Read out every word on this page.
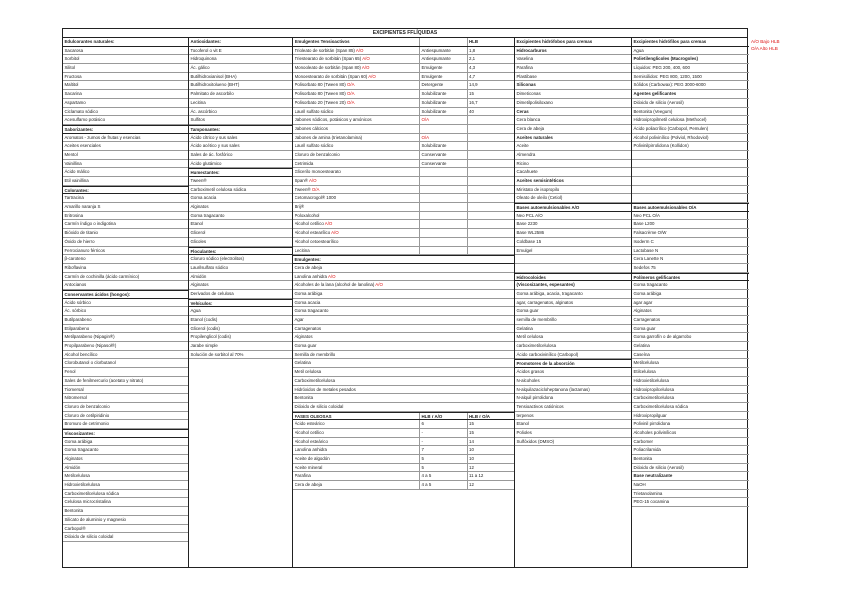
EXCIPIENTES FFLÍQUIDAS
Edulcorantes naturales:
Sacarosa
Sorbitol
Xilitol
Fructosa
Maltitol
Sacarina
Aspartamo
Ciclamato sódico
Acesulfamo potásico
Saborizantes:
Aromatos - zumos de frutas y esencias
Aceites esenciales
Mentol
Vainillina
Ácido málico
Etil vainillina
Colorantes:
Tartracina
Amarillo naranja S
Eritrosina
Carmín índigo o indigotina
Bióxido de titanio
Óxido de hierro
Ferrocianuro férricos
β-caroteno
Riboflavina
Carmín de cochinilla (ácido carmínico)
Antocianos
Conservantes ácidos (hongos):
Ácido sórbico
Ác. sórbico
Butilparabeno
Etilparabeno
Metilparabeno (Nipagin®)
Propilparabeno (Nipasol®)
Alcohol bencílico
Clorobutanol o clorbutanol
Fenol
Sales de fenilmercurio (acetato y nitrato)
Tiomersal
Nitromersol
Cloruro de benzalconio
Cloruro de cetilpiridinio
Bromuro de cetrimonio
Viscosizantes:
Goma arábiga
Goma tragacanto
Alginatos
Almidón
Metilcelulosa
Hidroxietilcelulosa
Carboximetilcelulosa sódica
Celulosa microcristalina
Bentonita
Silicato de aluminio y magnesio
Carbopol®
Dióxido de silicio coloidal
Antioxidantes:
Tocoferol o vit E
Hidroquinona
Ác. gálico
Butilhidroxianisol (BHA)
Butilhidroxitolueno (BHT)
Palmitato de ascorbilo
Lecitina
Ác. ascórbico
Sulfitos
Tamponantes:
Ácido cítrico y sus sales
Ácido acético y sus sales
Sales de ác. fosfórico
Ácido glutámico
Humectantes:
Tween®
Carboximetil celulosa sódica
Goma acacia
Alginatos
Goma tragacanto
Etanol
Glicerol
Glicoles
Floculantes:
Cloruro sódico (electrolitos)
Laurilsulfato sódico
Almidón
Alginatos
Derivados de celulosa
Vehículos:
Agua
Etanol (codis)
Glicerol (codis)
Propilenglicol (codis)
Jarabe simple
Solución de sorbitol al 70%
Emulgentes Tensioactivos	HLB
Trioleato de sorbitán (Span 85) A/O	Antiespumante	1,8
Triestearato de sorbitán (Span 65) A/O	Antiespumante	2,1
Monooleato de sorbitán (Span 80) A/O	Emulgente	4,3
Monoestearato de sorbitán (Span 60) A/O	Emulgente	4,7
Polisorbato 80 (Tween 80) O/A	Detergente	14,9
Polisorbato 80 (Tween 80) O/A	Solubilizante	15
Polisorbato 20 (Tween 20) O/A	Solubilizante	16,7
Lauril sulfato sódico	Solubilizante	40
Jabones sódicos, potásicos y amónicos	O/A
Jabones cálcicos
Jabones de amina (trietanolamina)	O/A
Lauril sulfato sódico	Solubilizante
Cloruro de benzalconio	Conservante
Cetrimida	Conservante
Glicerilo monoestearato
Span® A/O
Tween® O/A
Cetomacrogol® 1000
Brij®
Poloxalcohol
Alcohol cetílico A/O
Alcohol estearílico A/O
Alcohol cetoestearílico
Lecitina
Emulgentes:
Cera de abeja
Lanolina anhidra A/O
Alcoholes de la lana (alcohol de lanolina) A/O
Goma arábiga
Goma acacia
Goma tragacanto
Agar
Carragenatos
Alginatos
Goma guar
Semilla de membrillo
Gelatina
Metil celulosa
Carboximetilcelulosa
Hidróxidos de metales pesados
Bentonita
Dióxido de silicio coloidal
FASES OLEOSAS	HLB r A/O	HLB r O/A
Ácido esteárico	6	15
Alcohol cetílico	-	15
Alcohol esteárico	-	14
Lanolina anhidra	7	10
Aceite de algodón	5	10
Aceite mineral	5	12
Parafina	4 a 5	11 a 12
Cera de abeja	4 a 5	12
Excipientes hidrófobos para cremas
Hidrocarburos
Vaselina
Parafina
Plastibase
Siliconas
Dimeticonas
Dimetilpolisiloxano
Ceras
Cera blanca
Cera de abeja
Aceites naturales
Aceite
Almendra
Ricino
Cacahuete
Aceites semisintéticos
Miristato de isopropilo
Oleato de oleilo (Cetiol)
Bases autoemulsionables A/O
Neo PCL A/O
Base 2230
Base WL2586
Coldbase 15
Emulgel
Hidrocoloides
(Viscosizantes, espesantes)
Goma arábiga, acacia, tragacanto
agar, carragenatos, alginatos
Goma guar
semilla de membrillo
Gelatina
Metil celulosa
carboximetilcelulosa
Ácido carboxivinílico (Carbopol)
Promotores de la absorción
Ácidos grasos
N-alcoholes
N-alquilazacicloheptanona (lactamas)
N-alquil pirrolidona
Tensioactivos catiónicos
terpenos
Etanol
Polioles
Sulfóxidos (DMSO)
Excipientes hidrófilos para cremas
Agua
Polietilenglicoles (Macrogoles)
Líquidos: PEG 200, 400, 600
Semisólidos: PEG 800, 1200, 1500
Sólidos (Carbowax): PEG 3000-6000
Agentes gelificantes
Dióxido de silicio (Aerosil)
Bentonita (Veegum)
Hidroxipropilmetil celulosa (Methocel)
Ácido poliacrílico (Carbopol, Pemulen)
Alcohol polivinílico (Polviol, Rhodoviol)
Polivinilpirrolidona (Kollidon)
Bases autoemulsionables O/A
Neo PCL O/A
Base L200
Falsacrème O/W
Isoderm C
Lactobase N
Cera Lanette N
Sedefos 75
Polímeros gelificantes
Goma tragacanto
Goma arábiga
agar agar
Alginatos
Carragenatos
Goma guar
Goma garrofín o de algarrobo
Gelatina
Caseína
Metilcelulosa
Etilcelulosa
Hidroxietilcelulosa
Hidroxipropilcelulosa
Carboximetilcelulosa
Carboximetilcelulosa sódica
Hidroxipropilguar
Polivinil pirrolidona
Alcoholes polivinílicos
Carbomer
Poliacrilamida
Bentonita
Dióxido de silicio (Aerosil)
Base neutralizante
NaOH
Trietanolamina
PEG-15 cocamina
A/O Bajo HLB
O/A Alto HLB
